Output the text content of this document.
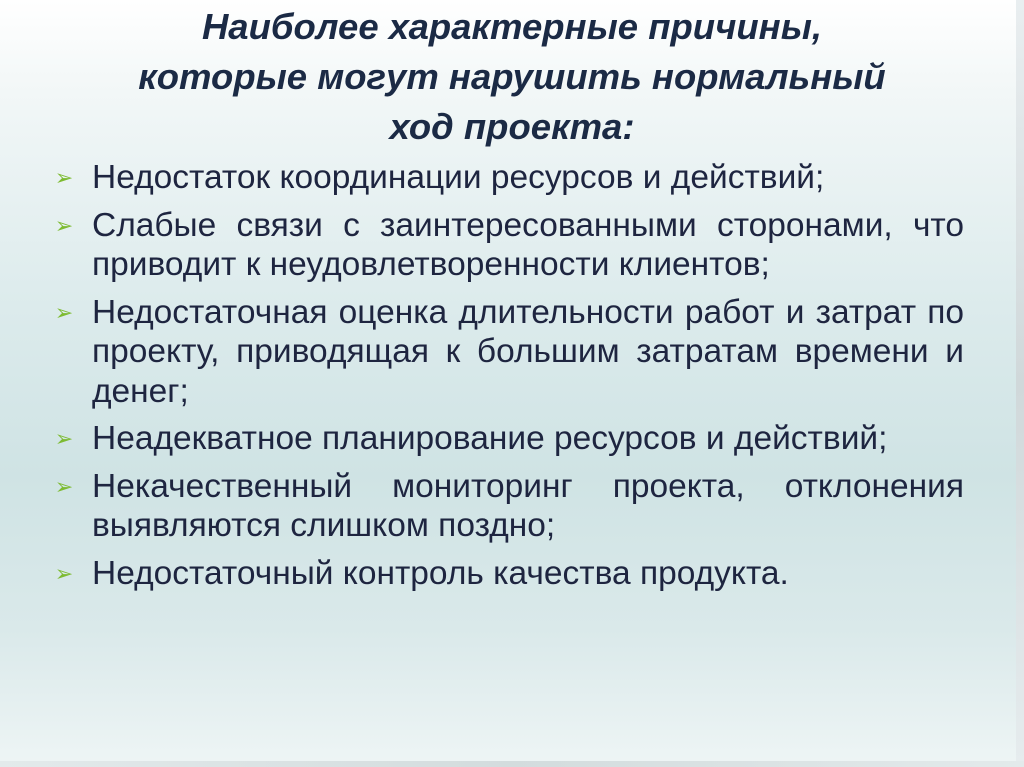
Наиболее характерные причины,
которые могут нарушить нормальный
ход проекта:
➢ Недостаток координации ресурсов и действий;
➢ Слабые связи с заинтересованными сторонами, что приводит к неудовлетворенности клиентов;
➢ Недостаточная оценка длительности работ и затрат по проекту, приводящая к большим затратам времени и денег;
➢ Неадекватное планирование ресурсов и действий;
➢ Некачественный мониторинг проекта, отклонения выявляются слишком поздно;
➢ Недостаточный контроль качества продукта.
